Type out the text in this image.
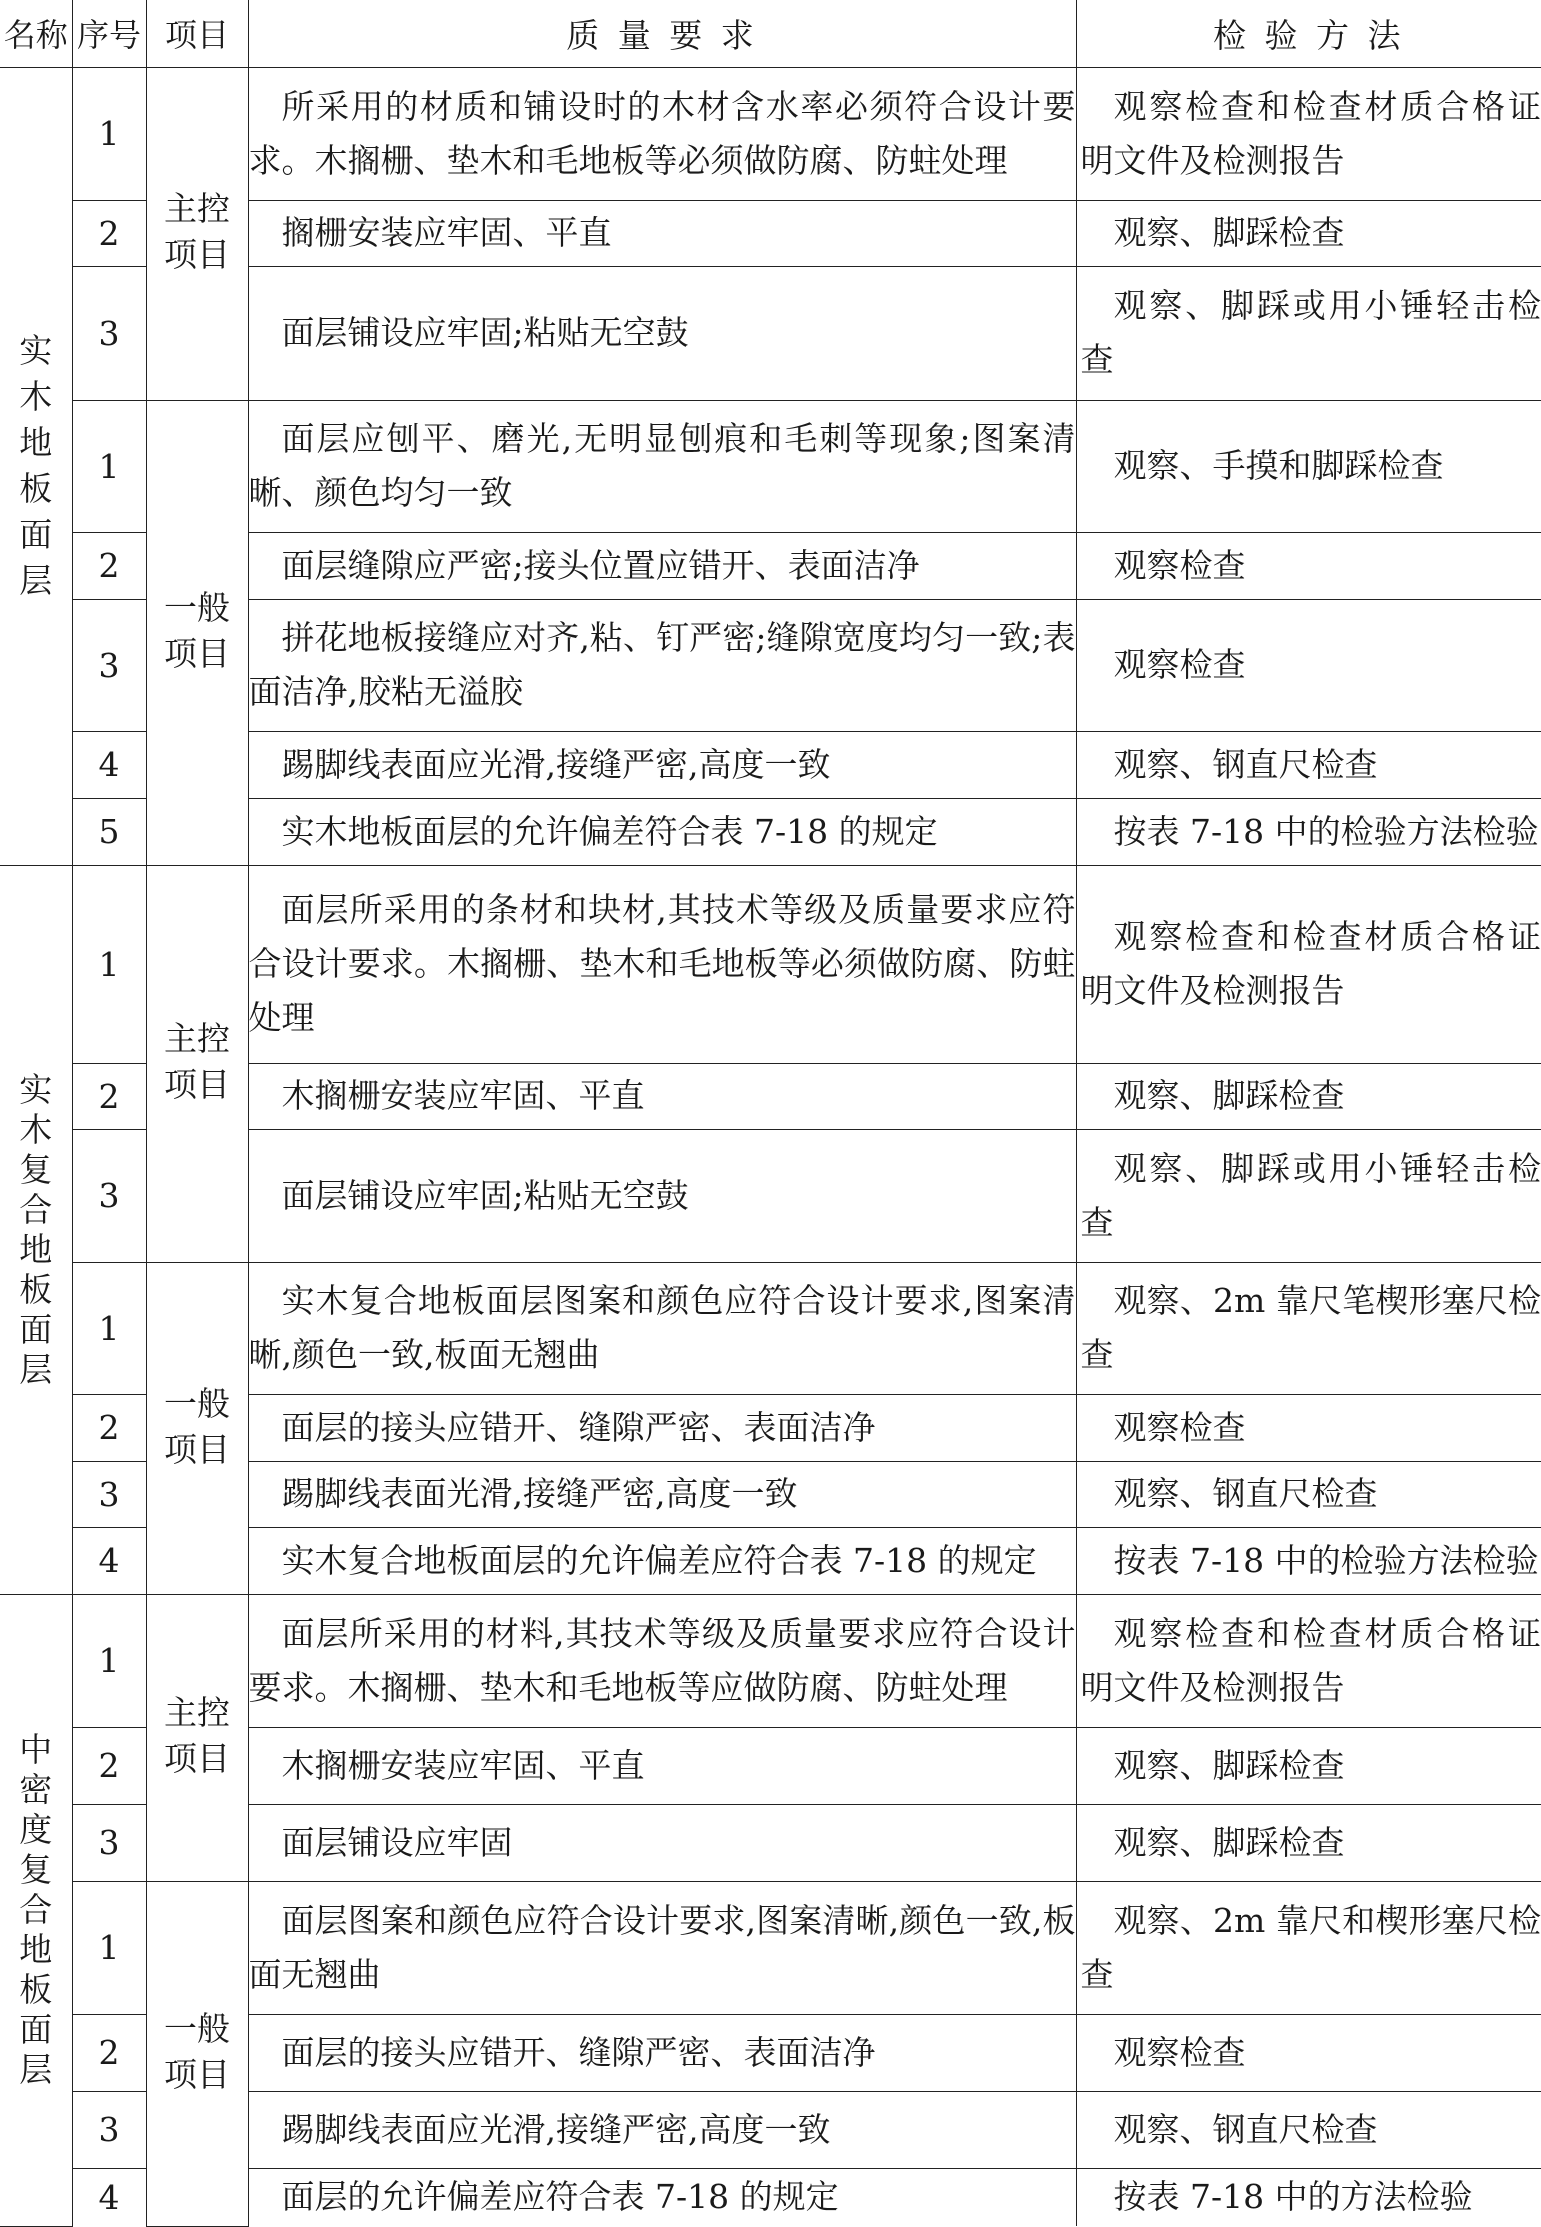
名称	序号	项目	质 量 要 求	检 验 方 法
实木地板面层	1	主控项目	所采用的材质和铺设时的木材含水率必须符合设计要求。木搁栅、垫木和毛地板等必须做防腐、防蛀处理	观察检查和检查材质合格证明文件及检测报告

	2		搁栅安装应牢固、平直	观察、脚踩检查

	3		面层铺设应牢固;粘贴无空鼓	观察、脚踩或用小锤轻击检查

	1	一般项目	面层应刨平、磨光,无明显刨痕和毛刺等现象;图案清晰、颜色均匀一致	观察、手摸和脚踩检查

	2		面层缝隙应严密;接头位置应错开、表面洁净	观察检查

	3		拼花地板接缝应对齐,粘、钉严密;缝隙宽度均匀一致;表面洁净,胶粘无溢胶	观察检查

	4		踢脚线表面应光滑,接缝严密,高度一致	观察、钢直尺检查

	5		实木地板面层的允许偏差符合表 7-18 的规定	按表 7-18 中的检验方法检验

实木复合地板面层	1	主控项目	面层所采用的条材和块材,其技术等级及质量要求应符合设计要求。木搁栅、垫木和毛地板等必须做防腐、防蛀处理	观察检查和检查材质合格证明文件及检测报告

	2		木搁栅安装应牢固、平直	观察、脚踩检查

	3		面层铺设应牢固;粘贴无空鼓	观察、脚踩或用小锤轻击检查

	1	一般项目	实木复合地板面层图案和颜色应符合设计要求,图案清晰,颜色一致,板面无翘曲	观察、2m 靠尺笔楔形塞尺检查

	2		面层的接头应错开、缝隙严密、表面洁净	观察检查

	3		踢脚线表面光滑,接缝严密,高度一致	观察、钢直尺检查

	4		实木复合地板面层的允许偏差应符合表 7-18 的规定	按表 7-18 中的检验方法检验

中密度复合地板面层	1	主控项目	面层所采用的材料,其技术等级及质量要求应符合设计要求。木搁栅、垫木和毛地板等应做防腐、防蛀处理	观察检查和检查材质合格证明文件及检测报告

	2		木搁栅安装应牢固、平直	观察、脚踩检查

	3		面层铺设应牢固	观察、脚踩检查

	1	一般项目	面层图案和颜色应符合设计要求,图案清晰,颜色一致,板面无翘曲	观察、2m 靠尺和楔形塞尺检查

	2		面层的接头应错开、缝隙严密、表面洁净	观察检查

	3		踢脚线表面应光滑,接缝严密,高度一致	观察、钢直尺检查

	4		面层的允许偏差应符合表 7-18 的规定	按表 7-18 中的方法检验
